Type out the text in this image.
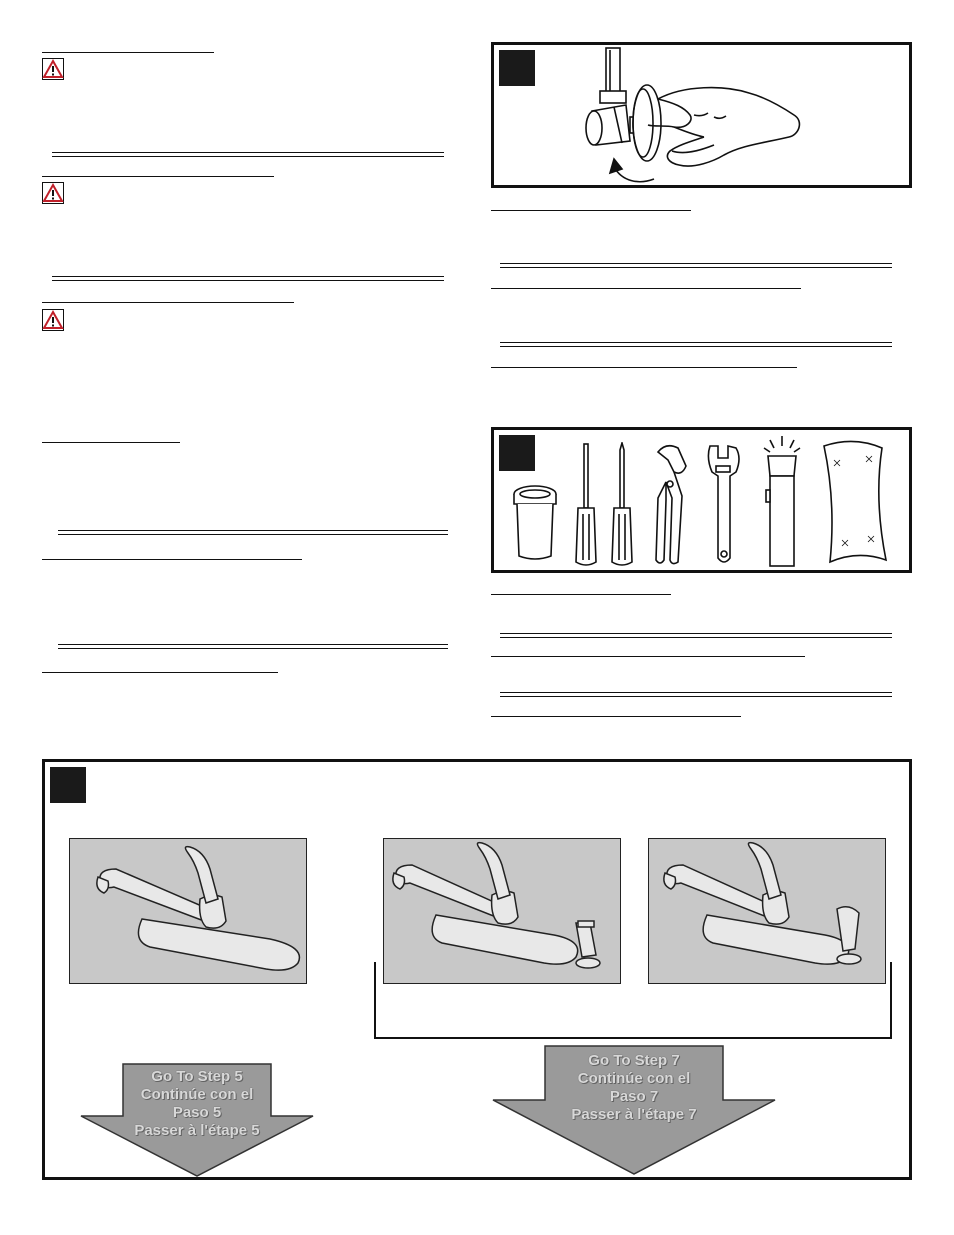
Go To Step 5
Continúe con el
Paso 5
Passer à l'étape 5
Go To Step 7
Continúe con el
Paso 7
Passer à l'étape 7
